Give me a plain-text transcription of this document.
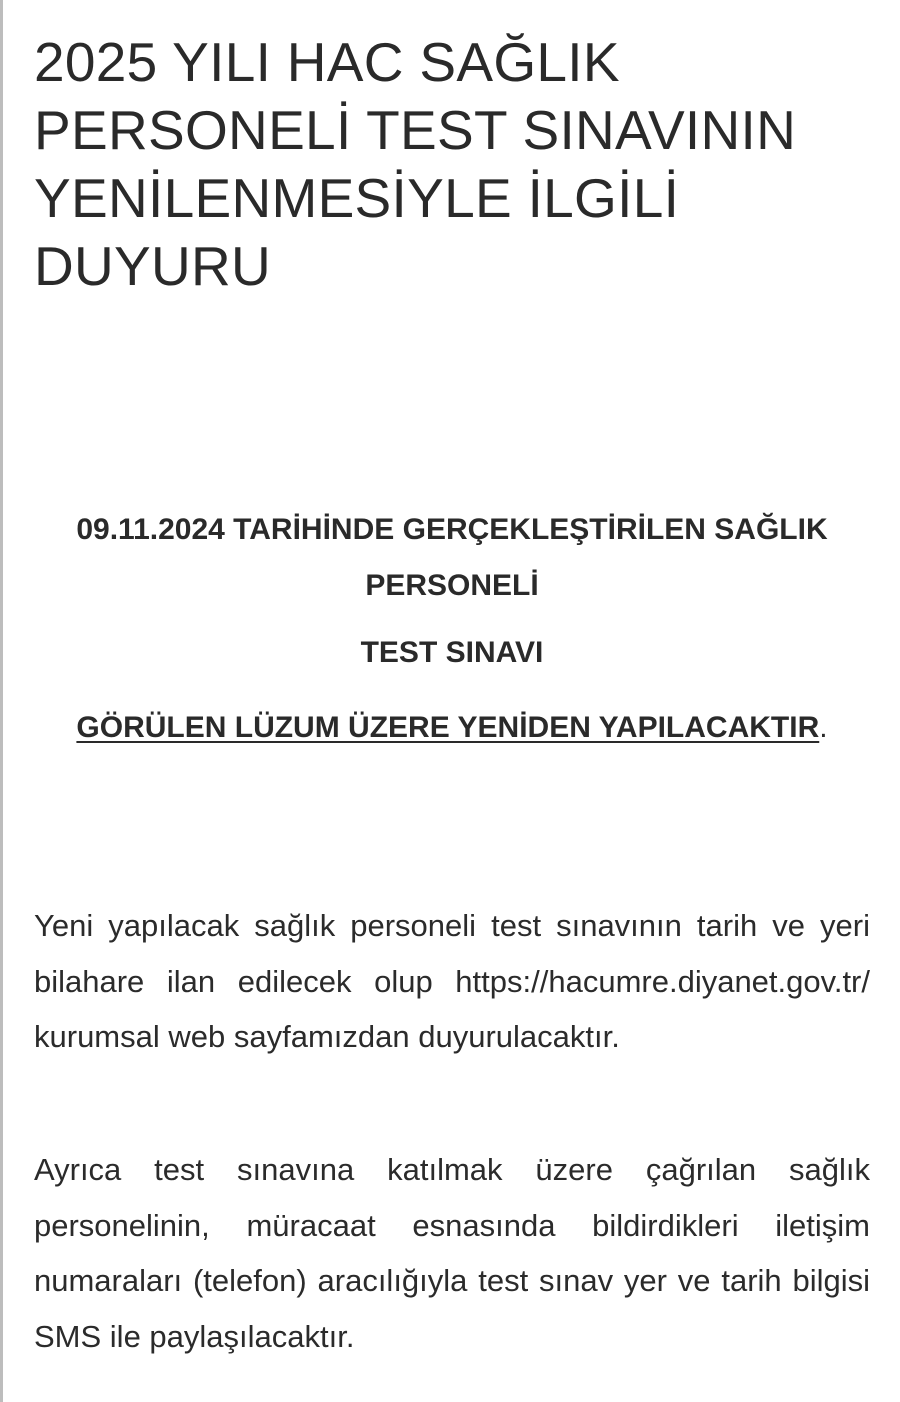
2025 YILI HAC SAĞLIK PERSONELİ TEST SINAVININ YENİLENMESİYLE İLGİLİ DUYURU
09.11.2024 TARİHİNDE GERÇEKLEŞTİRİLEN SAĞLIK PERSONELİ
TEST SINAVI
GÖRÜLEN LÜZUM ÜZERE YENİDEN YAPILACAKTIR.

Yeni yapılacak sağlık personeli test sınavının tarih ve yeri bilahare ilan edilecek olup https://hacumre.diyanet.gov.tr/ kurumsal web sayfamızdan duyurulacaktır.

Ayrıca test sınavına katılmak üzere çağrılan sağlık personelinin, müracaat esnasında bildirdikleri iletişim numaraları (telefon) aracılığıyla test sınav yer ve tarih bilgisi SMS ile paylaşılacaktır.
